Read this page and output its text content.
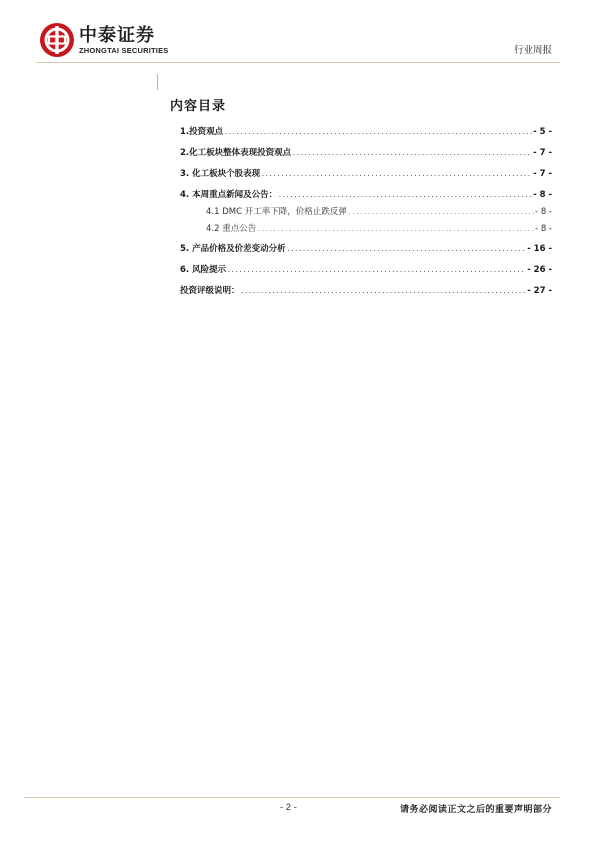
中泰证券
ZHONGTAI SECURITIES	行业周报
内容目录
1.投资观点 .....	- 5 -
2.化工板块整体表现投资观点 .....	- 7 -
3. 化工板块个股表现 .....	- 7 -
4. 本周重点新闻及公告： .....	- 8 -
4.1 DMC 开工率下降，价格止跌反弹 .....	- 8 -
4.2 重点公告 .....	- 8 -
5. 产品价格及价差变动分析 .....	- 16 -
6. 风险提示 .....	- 26 -
投资评级说明： .....	- 27 -
- 2 -	请务必阅读正文之后的重要声明部分
